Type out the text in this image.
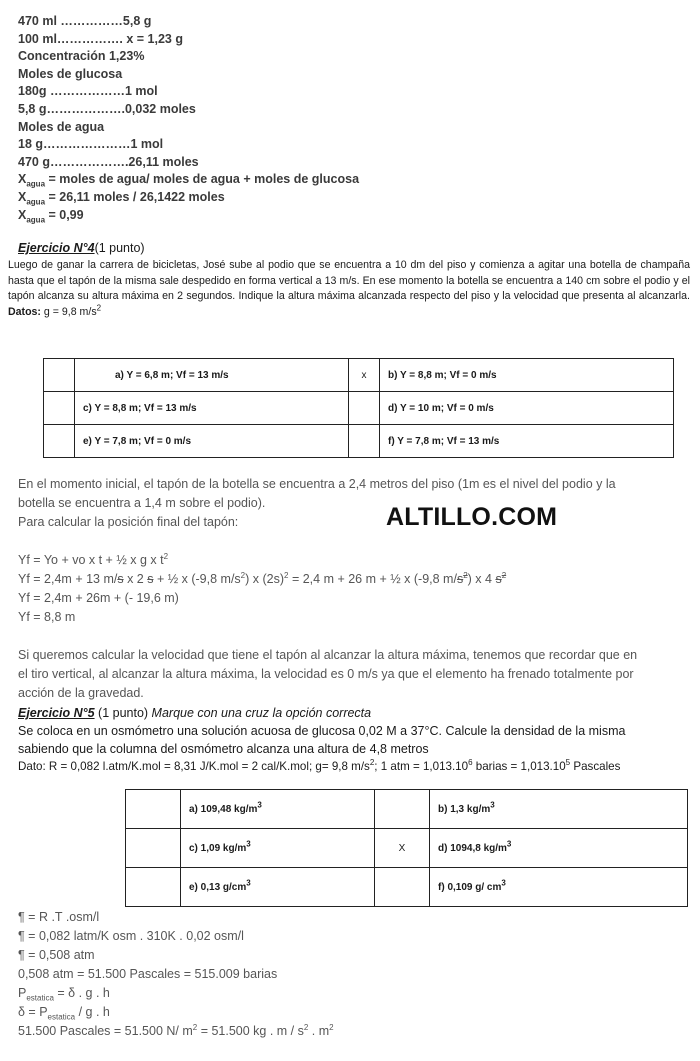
470 ml ……………5,8 g
100 ml……………. x = 1,23 g
Concentración 1,23%
Moles de glucosa
180g ………………1 mol
5,8 g……………….0,032 moles
Moles de agua
18 g…………………1 mol
470 g……………….26,11 moles
$X_{agua}$ = moles de agua/ moles de agua + moles de glucosa
$X_{agua} = 26,11$ moles / 26,1422 moles
$X_{agua} = 0,99$
Ejercicio N°4(1 punto)
Luego de ganar la carrera de bicicletas, José sube al podio que se encuentra a 10 dm del piso y comienza a agitar una botella de champaña hasta que el tapón de la misma sale despedido en forma vertical a 13 m/s. En ese momento la botella se encuentra a 140 cm sobre el podio y el tapón alcanza su altura máxima en 2 segundos. Indique la altura máxima alcanzada respecto del piso y la velocidad que presenta al alcanzarla. Datos: g = 9,8 $m/s^2$
	a) Y = 6,8 m; Vf = 13 m/s	x	b) Y = 8,8 m; Vf = 0 m/s
	c) Y = 8,8 m; Vf = 13 m/s		d) Y = 10 m; Vf = 0 m/s
	e) Y = 7,8 m; Vf = 0 m/s		f) Y = 7,8 m; Vf = 13 m/s
En el momento inicial, el tapón de la botella se encuentra a 2,4 metros del piso (1m es el nivel del podio y la
botella se encuentra a 1,4 m sobre el podio).
Para calcular la posición final del tapón:
Yf = Yo + vo x t + ½ x g x $t^2$
Yf = 2,4m + 13 m/s x 2 s + ½ x (-9,8 $m/s^2$) x $(2s)^2 = 2,4$ m + 26 m + ½ x (-9,8 $m/s^2$) x 4 $s^2$
Yf = 2,4m + 26m + (- 19,6 m)
Yf = 8,8 m
Si queremos calcular la velocidad que tiene el tapón al alcanzar la altura máxima, tenemos que recordar que en
el tiro vertical, al alcanzar la altura máxima, la velocidad es 0 m/s ya que el elemento ha frenado totalmente por
acción de la gravedad.
ALTILLO.COM
Ejercicio N°5 (1 punto) Marque con una cruz la opción correcta
Se coloca en un osmómetro una solución acuosa de glucosa 0,02 M a 37°C. Calcule la densidad de la misma
sabiendo que la columna del osmómetro alcanza una altura de 4,8 metros
Dato: R = 0,082 l.atm/K.mol = 8,31 J/K.mol = 2 cal/K.mol; g= 9,8 $m/s^2$; 1 atm = $1,013.10^6$ barias = $1,013.10^5$ Pascales
	a) 109,48 $kg/m^3$		b) 1,3 $kg/m^3$
	c) 1,09 $kg/m^3$	X	d) 1094,8 $kg/m^3$
	e) 0,13 $g/cm^3$		f) 0,109 g/ $cm^3$
¶ = R .T .osm/l
¶ = 0,082 latm/K osm . 310K . 0,02 osm/l
¶ = 0,508 atm
0,508 atm = 51.500 Pascales = 515.009 barias
$P_{estatica} = \delta$ . g . h
$\delta = P_{estatica} / g$ . h
51.500 Pascales = 51.500 N/ $m^2 = 51.500$ kg . m / $s^2$ . $m^2$
